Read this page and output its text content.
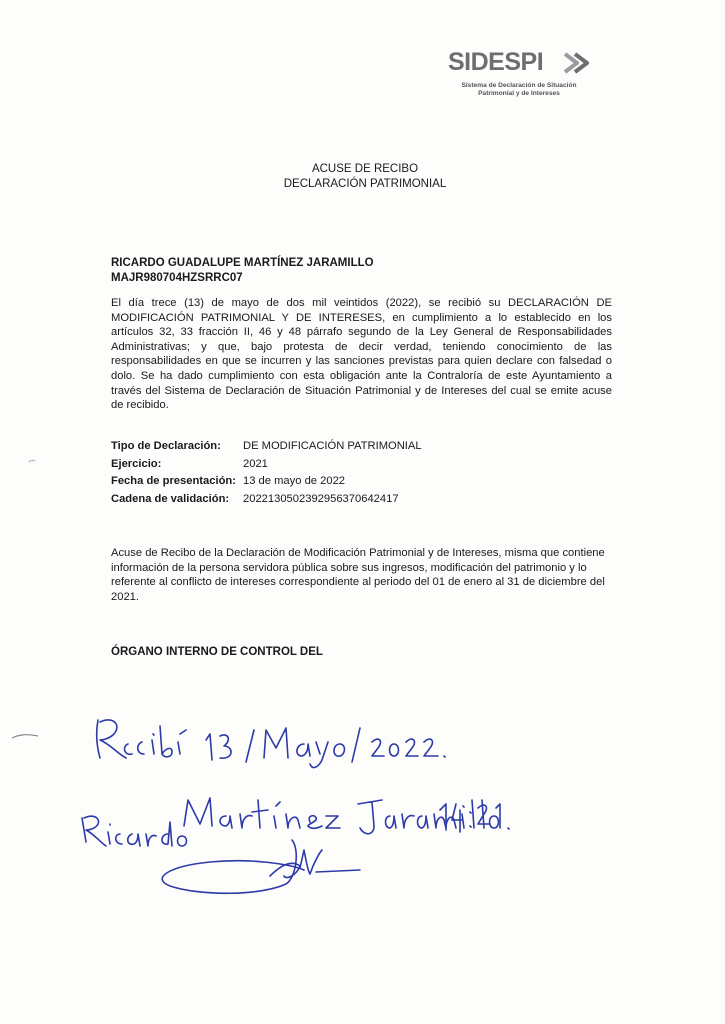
SIDESPI
Sistema de Declaración de Situación
Patrimonial y de Intereses
ACUSE DE RECIBO
DECLARACIÓN PATRIMONIAL
RICARDO GUADALUPE MARTÍNEZ JARAMILLO
MAJR980704HZSRRC07

El día trece (13) de mayo de dos mil veintidos (2022), se recibió su DECLARACIÓN DE MODIFICACIÓN PATRIMONIAL Y DE INTERESES, en cumplimiento a lo establecido en los artículos 32, 33 fracción II, 46 y 48 párrafo segundo de la Ley General de Responsabilidades Administrativas; y que, bajo protesta de decir verdad, teniendo conocimiento de las responsabilidades en que se incurren y las sanciones previstas para quien declare con falsedad o dolo. Se ha dado cumplimiento con esta obligación ante la Contraloría de este Ayuntamiento a través del Sistema de Declaración de Situación Patrimonial y de Intereses del cual se emite acuse de recibido.

Tipo de Declaración:	DE MODIFICACIÓN PATRIMONIAL
Ejercicio:	2021
Fecha de presentación: 13 de mayo de 2022
Cadena de validación:	20221305023929563706424​17

Acuse de Recibo de la Declaración de Modificación Patrimonial y de Intereses, misma que contiene información de la persona servidora pública sobre sus ingresos, modificación del patrimonio y lo referente al conflicto de intereses correspondiente al periodo del 01 de enero al 31 de diciembre del 2021.

ÓRGANO INTERNO DE CONTROL DEL
